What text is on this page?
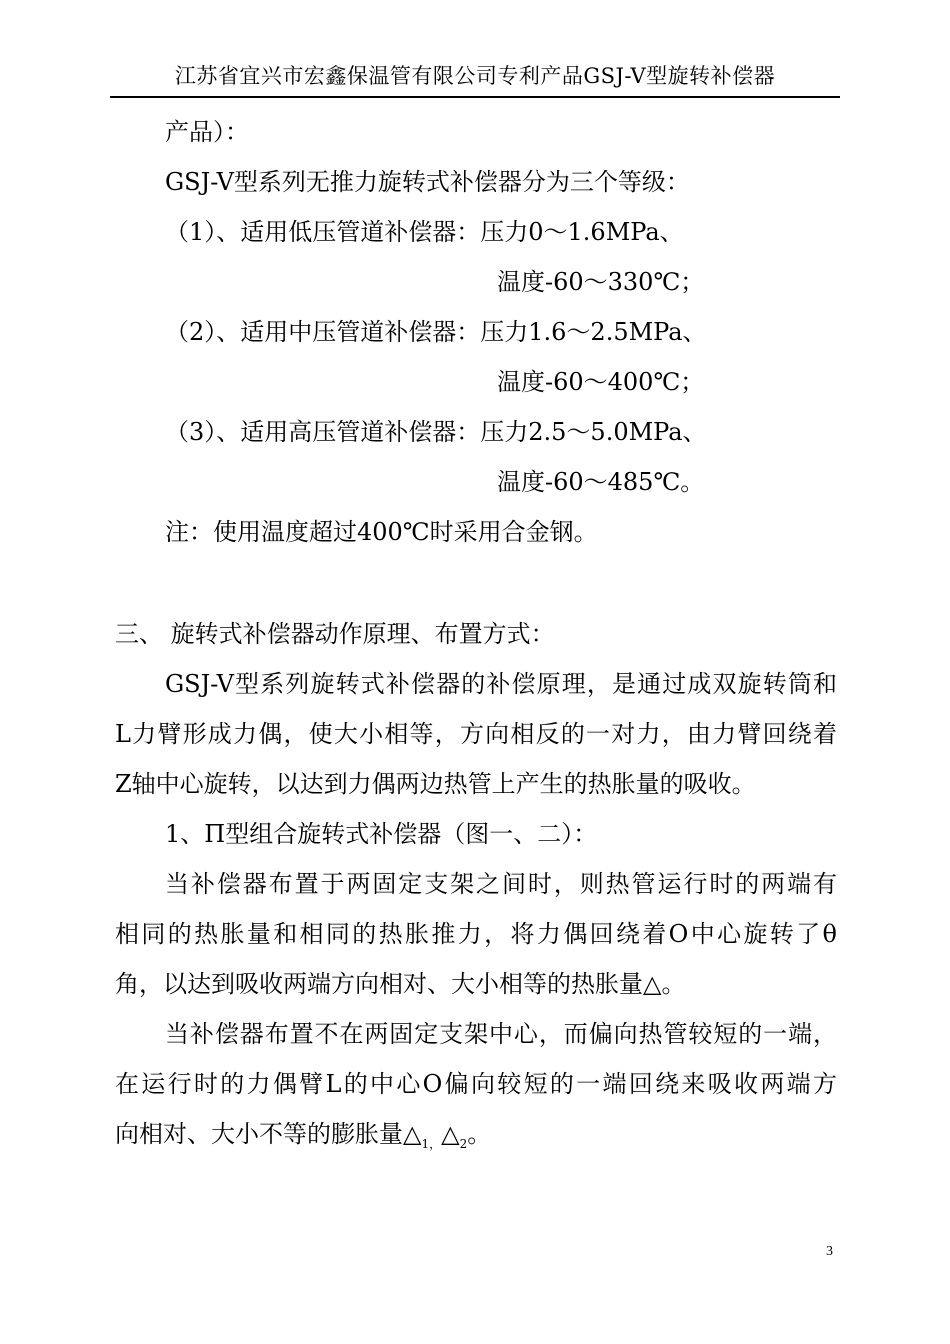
江苏省宜兴市宏鑫保温管有限公司专利产品GSJ-V型旋转补偿器
产品）：
GSJ-V型系列无推力旋转式补偿器分为三个等级：
（1）、适用低压管道补偿器：压力0～1.6MPa、
温度-60～330℃；
（2）、适用中压管道补偿器：压力1.6～2.5MPa、
温度-60～400℃；
（3）、适用高压管道补偿器：压力2.5～5.0MPa、
温度-60～485℃。
注：使用温度超过400℃时采用合金钢。
三、 旋转式补偿器动作原理、布置方式：
GSJ-V型系列旋转式补偿器的补偿原理，是通过成双旋转筒和
L力臂形成力偶，使大小相等，方向相反的一对力，由力臂回绕着
Z轴中心旋转，以达到力偶两边热管上产生的热胀量的吸收。
1、Π型组合旋转式补偿器（图一、二）：
当补偿器布置于两固定支架之间时，则热管运行时的两端有
相同的热胀量和相同的热胀推力，将力偶回绕着O中心旋转了θ
角，以达到吸收两端方向相对、大小相等的热胀量△。
当补偿器布置不在两固定支架中心，而偏向热管较短的一端，
在运行时的力偶臂L的中心O偏向较短的一端回绕来吸收两端方
向相对、大小不等的膨胀量$\triangle_{1,}\triangle_2$。
3
